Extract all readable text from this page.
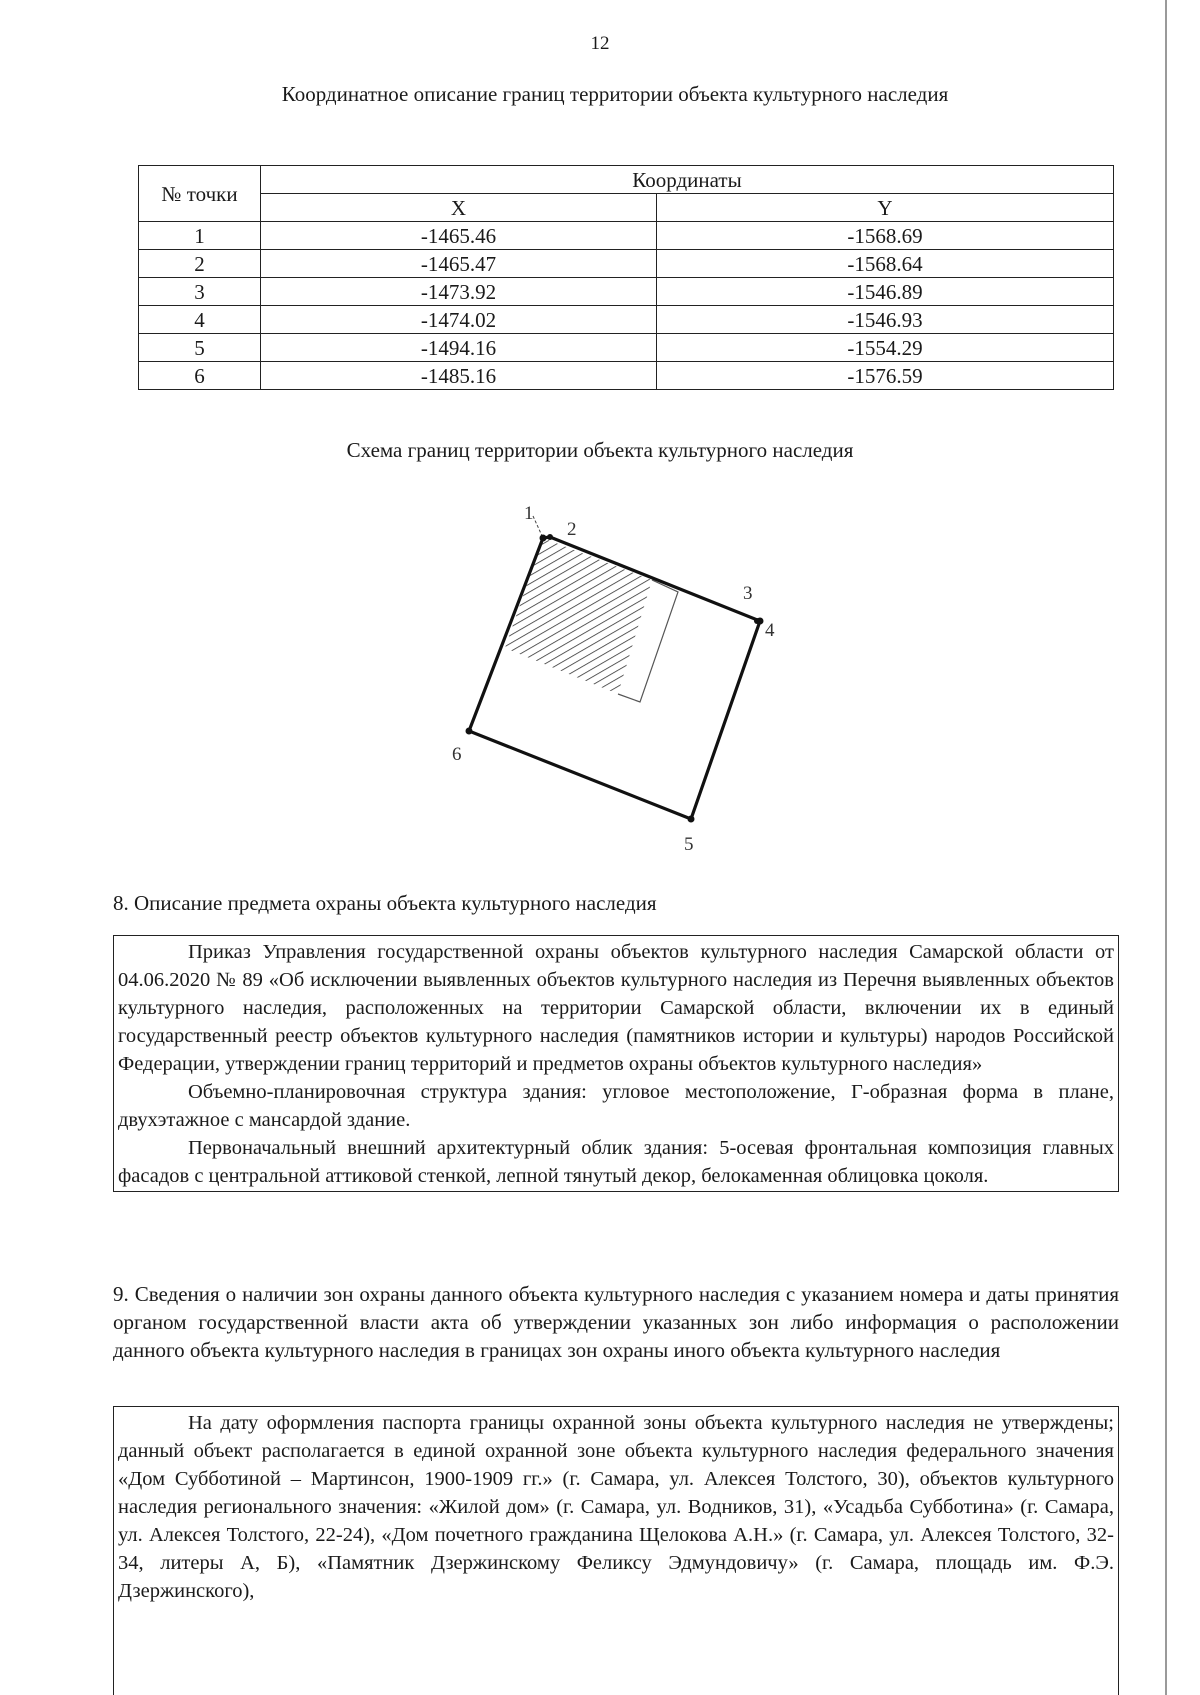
12
Координатное описание границ территории объекта культурного наследия
№ точки	Координаты	
	X	Y
1	-1465.46	-1568.69
2	-1465.47	-1568.64
3	-1473.92	-1546.89
4	-1474.02	-1546.93
5	-1494.16	-1554.29
6	-1485.16	-1576.59
Схема границ территории объекта культурного наследия
1
2
3
4
5
6
8. Описание предмета охраны объекта культурного наследия

Приказ Управления государственной охраны объектов культурного наследия Самарской области от 04.06.2020 № 89 «Об исключении выявленных объектов культурного наследия из Перечня выявленных объектов культурного наследия, расположенных на территории Самарской области, включении их в единый государственный реестр объектов культурного наследия (памятников истории и культуры) народов Российской Федерации, утверждении границ территорий и предметов охраны объектов культурного наследия»

Объемно-планировочная структура здания: угловое местоположение, Г-образная форма в плане, двухэтажное с мансардой здание.

Первоначальный внешний архитектурный облик здания: 5-осевая фронтальная композиция главных фасадов с центральной аттиковой стенкой, лепной тянутый декор, белокаменная облицовка цоколя.

9. Сведения о наличии зон охраны данного объекта культурного наследия с указанием номера и даты принятия органом государственной власти акта об утверждении указанных зон либо информация о расположении данного объекта культурного наследия в границах зон охраны иного объекта культурного наследия

На дату оформления паспорта границы охранной зоны объекта культурного наследия не утверждены; данный объект располагается в единой охранной зоне объекта культурного наследия федерального значения «Дом Субботиной – Мартинсон, 1900-1909 гг.» (г. Самара, ул. Алексея Толстого, 30), объектов культурного наследия регионального значения: «Жилой дом» (г. Самара, ул. Водников, 31), «Усадьба Субботина» (г. Самара, ул. Алексея Толстого, 22-24), «Дом почетного гражданина Щелокова А.Н.» (г. Самара, ул. Алексея Толстого, 32-34, литеры А, Б), «Памятник Дзержинскому Феликсу Эдмундовичу» (г. Самара, площадь им. Ф.Э. Дзержинского),
